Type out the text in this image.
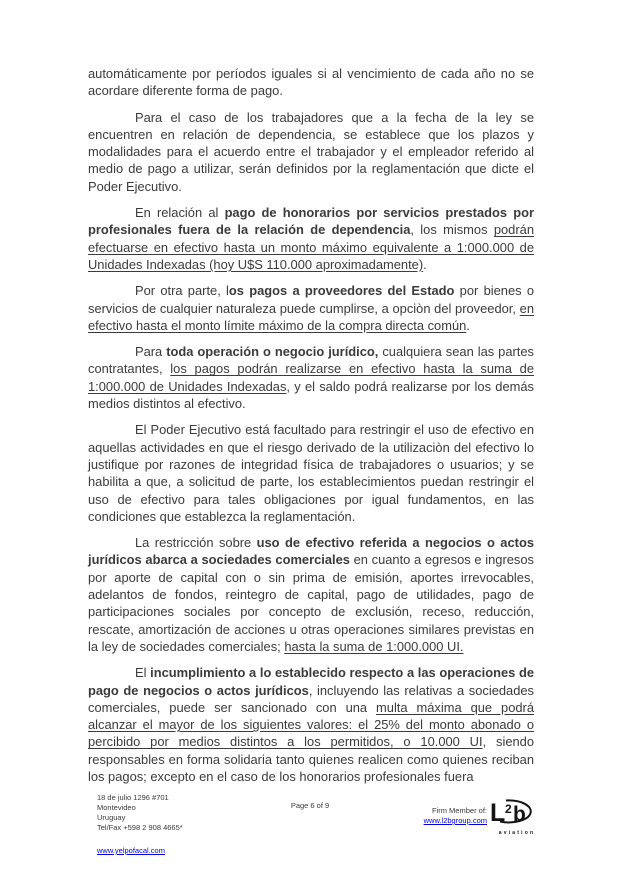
automáticamente por períodos iguales si al vencimiento de cada año no se acordare diferente forma de pago.

Para el caso de los trabajadores que a la fecha de la ley se encuentren en relación de dependencia, se establece que los plazos y modalidades para el acuerdo entre el trabajador y el empleador referido al medio de pago a utilizar, serán definidos por la reglamentación que dicte el Poder Ejecutivo.

En relación al pago de honorarios por servicios prestados por profesionales fuera de la relación de dependencia, los mismos podrán efectuarse en efectivo hasta un monto máximo equivalente a 1:000.000 de Unidades Indexadas (hoy U$S 110.000 aproximadamente).

Por otra parte, los pagos a proveedores del Estado por bienes o servicios de cualquier naturaleza puede cumplirse, a opciòn del proveedor, en efectivo hasta el monto límite máximo de la compra directa común.

Para toda operación o negocio jurídico, cualquiera sean las partes contratantes, los pagos podrán realizarse en efectivo hasta la suma de 1:000.000 de Unidades Indexadas, y el saldo podrá realizarse por los demás medios distintos al efectivo.

El Poder Ejecutivo está facultado para restringir el uso de efectivo en aquellas actividades en que el riesgo derivado de la utilizaciòn del efectivo lo justifique por razones de integridad física de trabajadores o usuarios; y se habilita a que, a solicitud de parte, los establecimientos puedan restringir el uso de efectivo para tales obligaciones por igual fundamentos, en las condiciones que establezca la reglamentación.

La restricción sobre uso de efectivo referida a negocios o actos jurídicos abarca a sociedades comerciales en cuanto a egresos e ingresos por aporte de capital con o sin prima de emisión, aportes irrevocables, adelantos de fondos, reintegro de capital, pago de utilidades, pago de participaciones sociales por concepto de exclusión, receso, reducción, rescate, amortización de acciones u otras operaciones similares previstas en la ley de sociedades comerciales; hasta la suma de 1:000.000 UI.

El incumplimiento a lo establecido respecto a las operaciones de pago de negocios o actos jurídicos, incluyendo las relativas a sociedades comerciales, puede ser sancionado con una multa máxima que podrá alcanzar el mayor de los siguientes valores: el 25% del monto abonado o percibido por medios distintos a los permitidos, o 10.000 UI, siendo responsables en forma solidaria tanto quienes realicen como quienes reciban los pagos; excepto en el caso de los honorarios profesionales fuera

18 de julio 1296 #701
Montevideo
Uruguay
Tel/Fax +598 2 908 4665*
www.yelpofacal.com
Page 6 of 9
Firm Member of:
www.l2bgroup.com L2b
aviation
